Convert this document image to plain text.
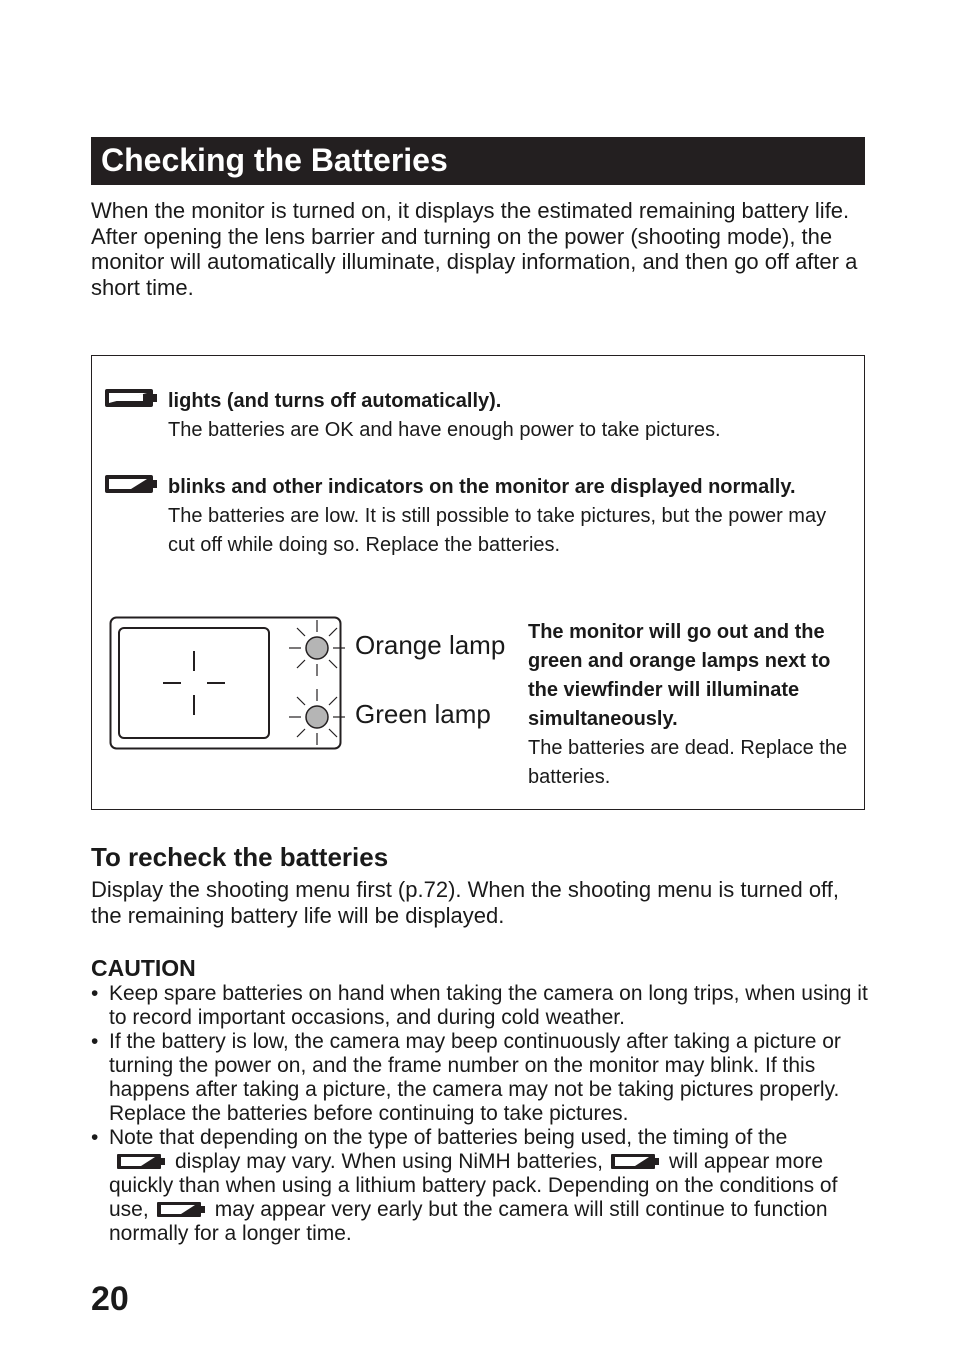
Checking the Batteries

When the monitor is turned on, it displays the estimated remaining battery life.

After opening the lens barrier and turning on the power (shooting mode), the monitor will automatically illuminate, display information, and then go off after a short time.

lights (and turns off automatically).

The batteries are OK and have enough power to take pictures.

blinks and other indicators on the monitor are displayed normally.

The batteries are low. It is still possible to take pictures, but the power may cut off while doing so. Replace the batteries.

Orange lamp
Green lamp

The monitor will go out and the green and orange lamps next to the viewfinder will illuminate simultaneously.

The batteries are dead. Replace the batteries.

To recheck the batteries

Display the shooting menu first (p.72). When the shooting menu is turned off, the remaining battery life will be displayed.

CAUTION
• Keep spare batteries on hand when taking the camera on long trips, when using it to record important occasions, and during cold weather.
• If the battery is low, the camera may beep continuously after taking a picture or turning the power on, and the frame number on the monitor may blink. If this happens after taking a picture, the camera may not be taking pictures properly. Replace the batteries before continuing to take pictures.
• Note that depending on the type of batteries being used, the timing of the

display may vary. When using NiMH batteries,	will appear more quickly than when using a lithium battery pack. Depending on the conditions of use,	may appear very early but the camera will still continue to function normally for a longer time.

20
